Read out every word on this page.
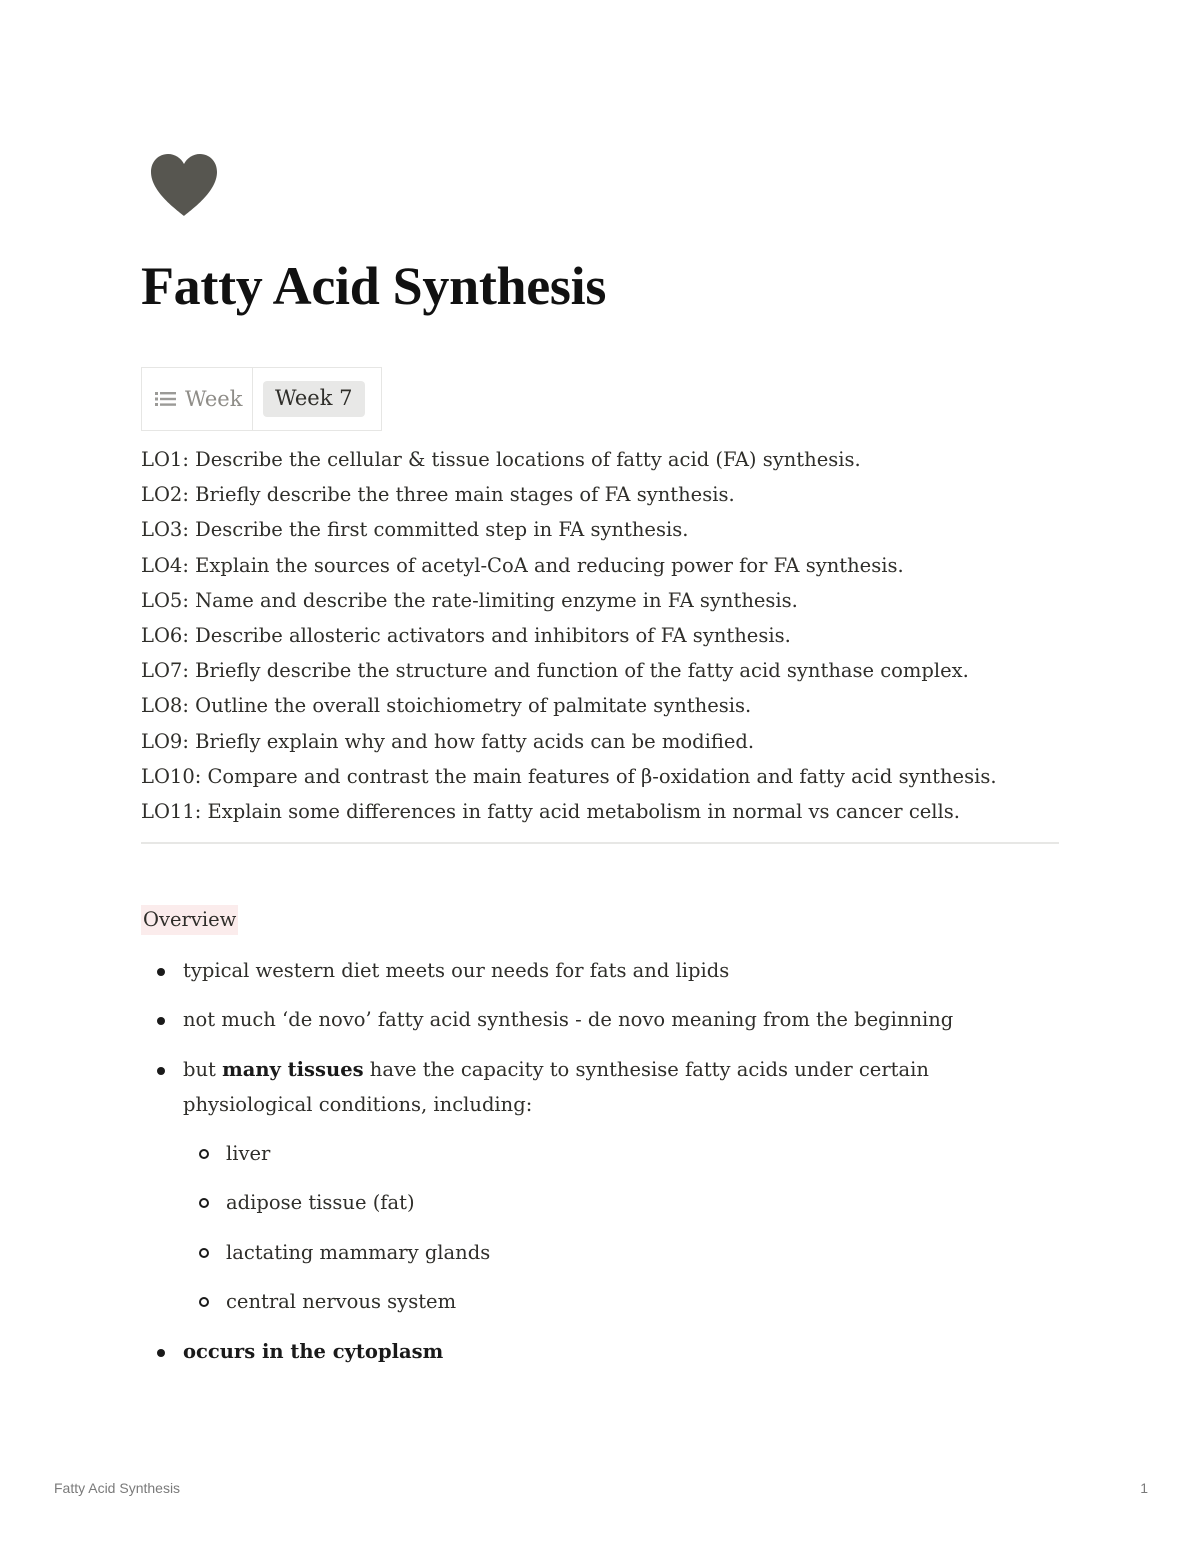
Fatty Acid Synthesis
Week	Week 7
LO1: Describe the cellular & tissue locations of fatty acid (FA) synthesis.
LO2: Briefly describe the three main stages of FA synthesis.
LO3: Describe the first committed step in FA synthesis.
LO4: Explain the sources of acetyl-CoA and reducing power for FA synthesis.
LO5: Name and describe the rate-limiting enzyme in FA synthesis.
LO6: Describe allosteric activators and inhibitors of FA synthesis.
LO7: Briefly describe the structure and function of the fatty acid synthase complex.
LO8: Outline the overall stoichiometry of palmitate synthesis.
LO9: Briefly explain why and how fatty acids can be modified.
LO10: Compare and contrast the main features of β-oxidation and fatty acid synthesis.
LO11: Explain some differences in fatty acid metabolism in normal vs cancer cells.
Overview
typical western diet meets our needs for fats and lipids
not much ‘de novo’ fatty acid synthesis - de novo meaning from the beginning
but many tissues have the capacity to synthesise fatty acids under certain physiological conditions, including:
liver
adipose tissue (fat)
lactating mammary glands
central nervous system
occurs in the cytoplasm
Fatty Acid Synthesis	1
